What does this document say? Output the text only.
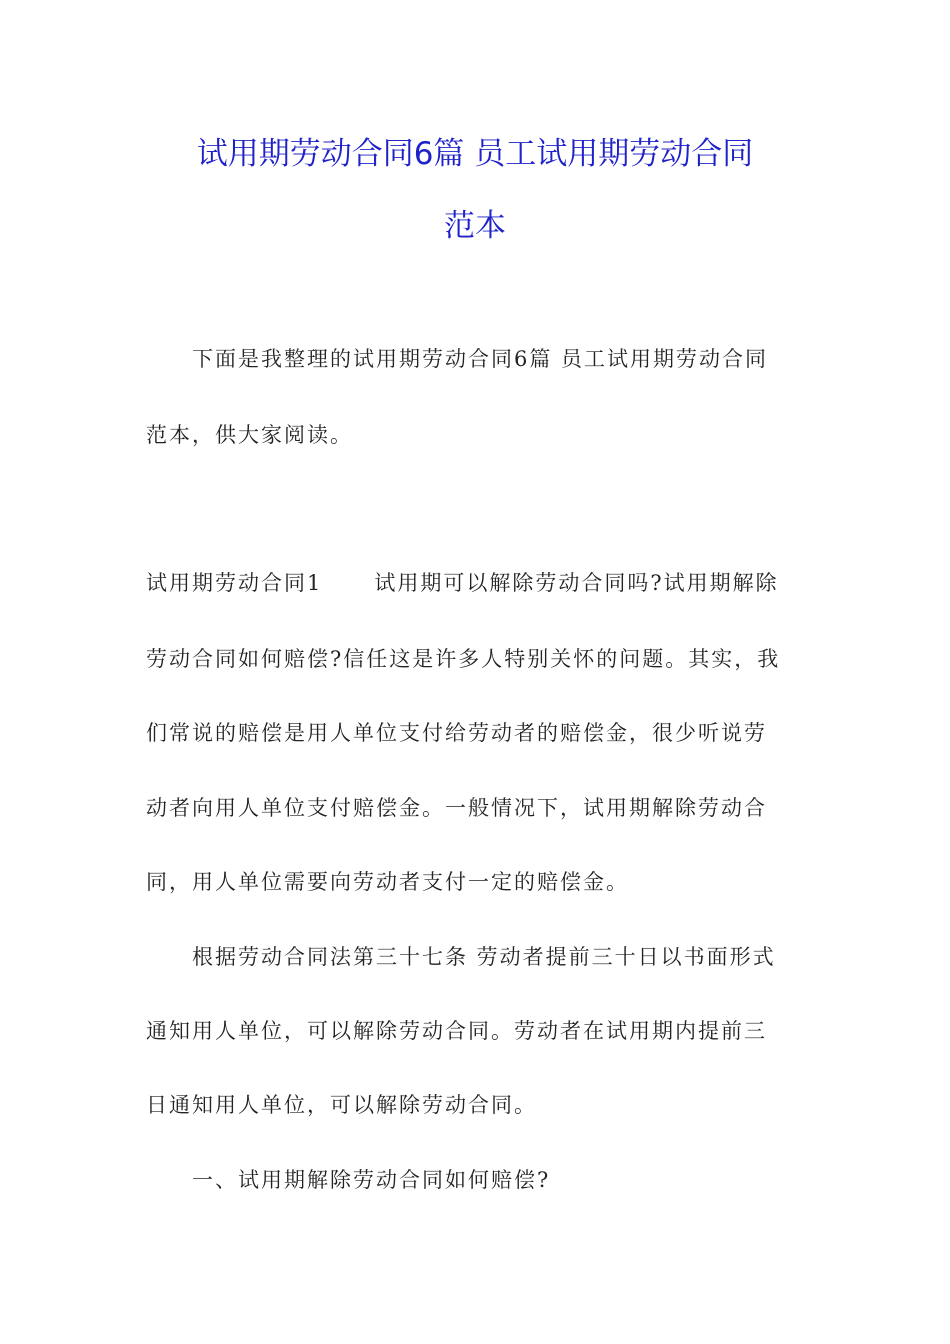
试用期劳动合同6篇 员工试用期劳动合同
范本
下面是我整理的试用期劳动合同6篇 员工试用期劳动合同
范本，供大家阅读。
试用期劳动合同1 试用期可以解除劳动合同吗?试用期解除
劳动合同如何赔偿?信任这是许多人特别关怀的问题。其实，我
们常说的赔偿是用人单位支付给劳动者的赔偿金，很少听说劳
动者向用人单位支付赔偿金。一般情况下，试用期解除劳动合
同，用人单位需要向劳动者支付一定的赔偿金。
根据劳动合同法第三十七条 劳动者提前三十日以书面形式
通知用人单位，可以解除劳动合同。劳动者在试用期内提前三
日通知用人单位，可以解除劳动合同。
一、试用期解除劳动合同如何赔偿?
